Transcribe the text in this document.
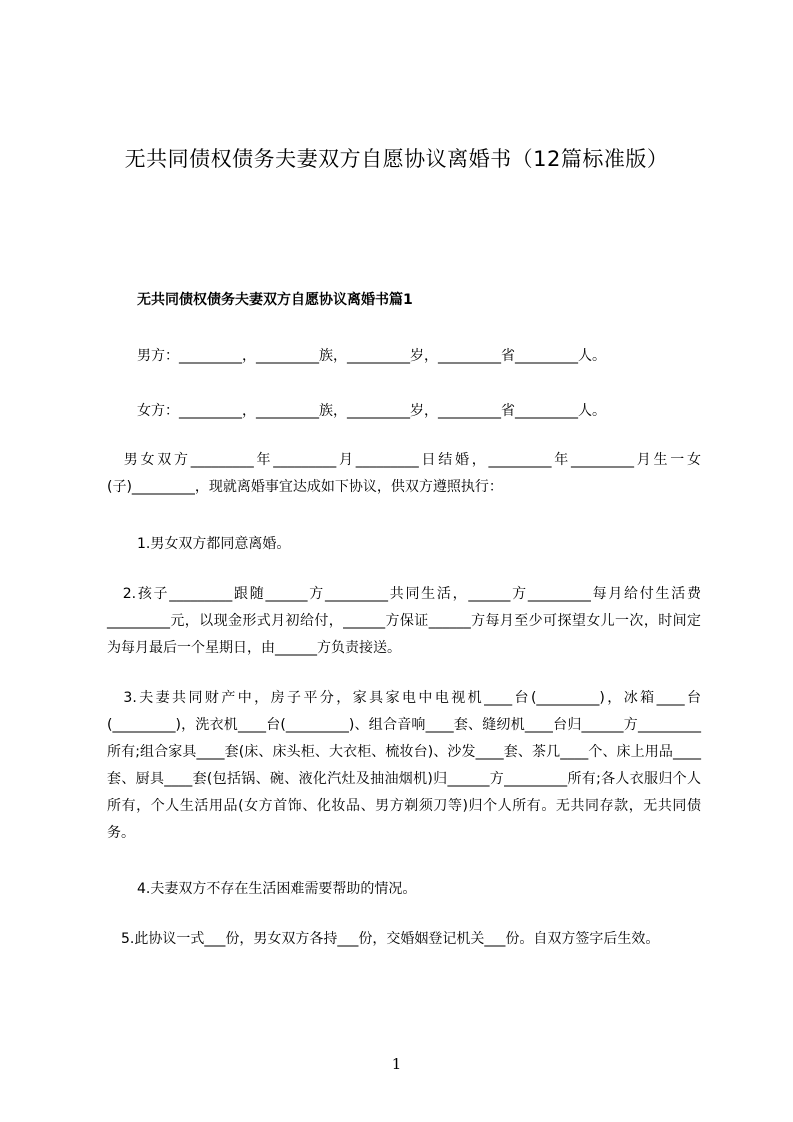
无共同债权债务夫妻双方自愿协议离婚书（12篇标准版）
无共同债权债务夫妻双方自愿协议离婚书篇1
男方：_________，_________族，_________岁，_________省_________人。
女方：_________，_________族，_________岁，_________省_________人。
　男女双方_________年_________月_________日结婚，_________年_________月生一女(子)_________，现就离婚事宜达成如下协议，供双方遵照执行：
1.男女双方都同意离婚。
　2.孩子_________跟随______方_________共同生活，______方_________每月给付生活费_________元，以现金形式月初给付，______方保证______方每月至少可探望女儿一次，时间定为每月最后一个星期日，由______方负责接送。
　3.夫妻共同财产中，房子平分，家具家电中电视机____台(_________)，冰箱____台(_________)，洗衣机____台(_________)、组合音响____套、缝纫机____台归______方_________所有;组合家具____套(床、床头柜、大衣柜、梳妆台)、沙发____套、茶几____个、床上用品____套、厨具____套(包括锅、碗、液化汽灶及抽油烟机)归______方_________所有;各人衣服归个人所有，个人生活用品(女方首饰、化妆品、男方剃须刀等)归个人所有。无共同存款，无共同债务。
4.夫妻双方不存在生活困难需要帮助的情况。
　5.此协议一式___份，男女双方各持___份，交婚姻登记机关___份。自双方签字后生效。
1
